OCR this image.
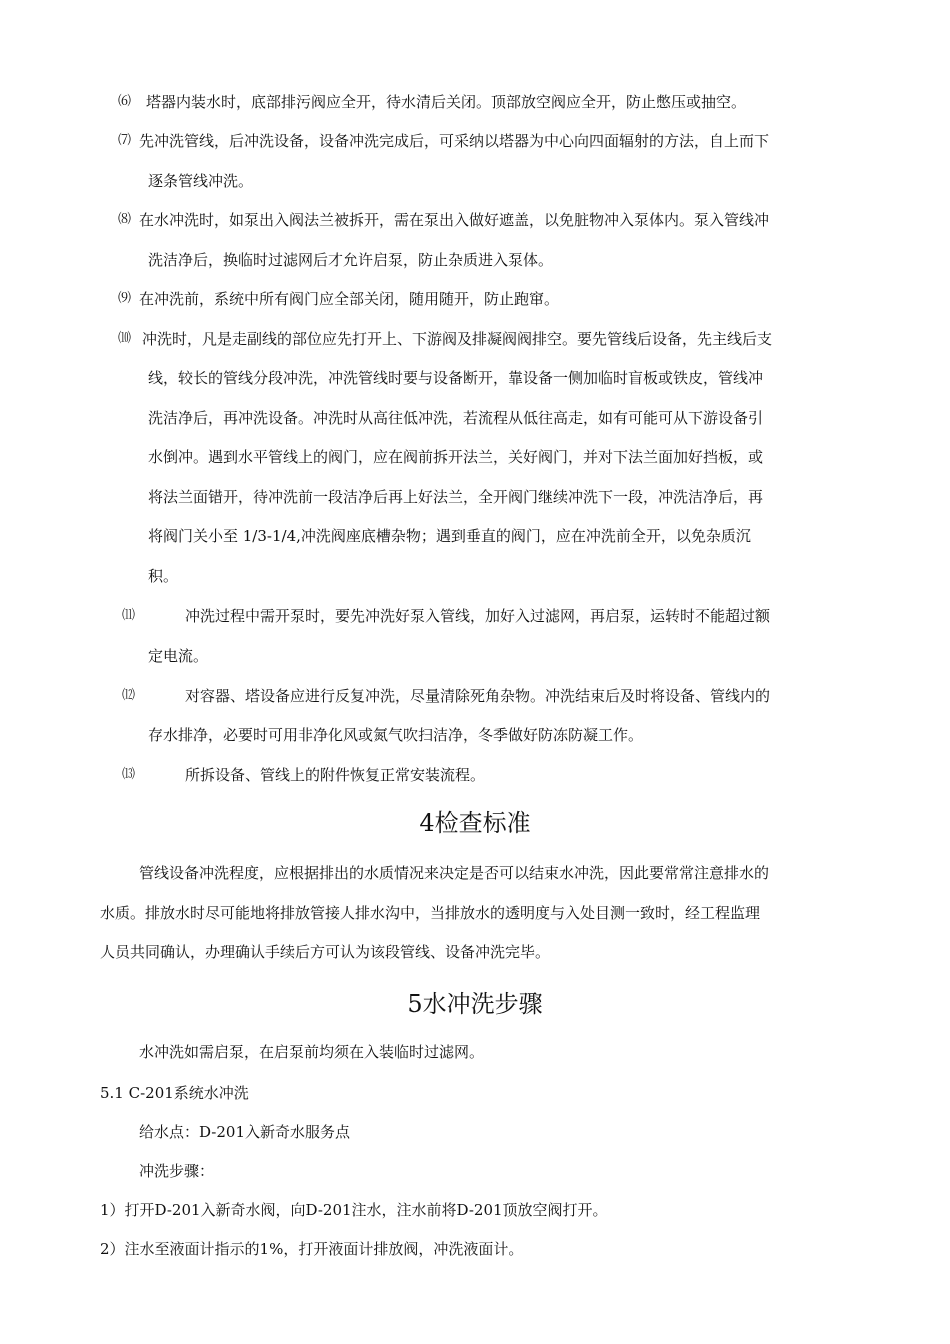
⑹ 塔器内装水时，底部排污阀应全开，待水清后关闭。顶部放空阀应全开，防止憋压或抽空。
⑺ 先冲洗管线，后冲洗设备，设备冲洗完成后，可采纳以塔器为中心向四面辐射的方法，自上而下
逐条管线冲洗。
⑻ 在水冲洗时，如泵出入阀法兰被拆开，需在泵出入做好遮盖，以免脏物冲入泵体内。泵入管线冲
洗洁净后，换临时过滤网后才允许启泵，防止杂质进入泵体。
⑼ 在冲洗前，系统中所有阀门应全部关闭，随用随开，防止跑窜。
⑽ 冲洗时，凡是走副线的部位应先打开上、下游阀及排凝阀阀排空。要先管线后设备，先主线后支
线，较长的管线分段冲洗，冲洗管线时要与设备断开，靠设备一侧加临时盲板或铁皮，管线冲
洗洁净后，再冲洗设备。冲洗时从高往低冲洗，若流程从低往高走，如有可能可从下游设备引
水倒冲。遇到水平管线上的阀门，应在阀前拆开法兰，关好阀门，并对下法兰面加好挡板，或
将法兰面错开，待冲洗前一段洁净后再上好法兰，全开阀门继续冲洗下一段，冲洗洁净后，再
将阀门关小至 1/3-1/4,冲洗阀座底槽杂物；遇到垂直的阀门，应在冲洗前全开，以免杂质沉
积。
⑾	冲洗过程中需开泵时，要先冲洗好泵入管线，加好入过滤网，再启泵，运转时不能超过额
定电流。
⑿	对容器、塔设备应进行反复冲洗，尽量清除死角杂物。冲洗结束后及时将设备、管线内的
存水排净，必要时可用非净化风或氮气吹扫洁净，冬季做好防冻防凝工作。
⒀	所拆设备、管线上的附件恢复正常安装流程。
4检查标准
管线设备冲洗程度，应根据排出的水质情况来决定是否可以结束水冲洗，因此要常常注意排水的
水质。排放水时尽可能地将排放管接人排水沟中，当排放水的透明度与入处目测一致时，经工程监理
人员共同确认，办理确认手续后方可认为该段管线、设备冲洗完毕。
5水冲洗步骤
水冲洗如需启泵，在启泵前均须在入装临时过滤网。
5.1 C-201系统水冲洗
给水点：D-201入新奇水服务点
冲洗步骤：
1）打开D-201入新奇水阀，向D-201注水，注水前将D-201顶放空阀打开。
2）注水至液面计指示的1%，打开液面计排放阀，冲洗液面计。
